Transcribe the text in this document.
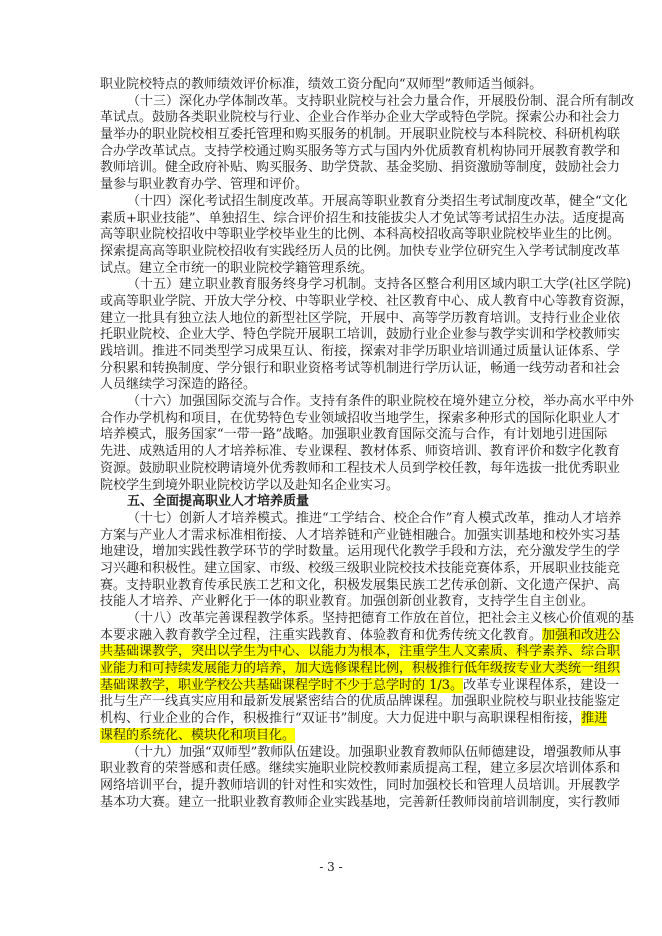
职业院校特点的教师绩效评价标准，绩效工资分配向“双师型”教师适当倾斜。
（十三）深化办学体制改革。支持职业院校与社会力量合作，开展股份制、混合所有制改
革试点。鼓励各类职业院校与行业、企业合作举办企业大学或特色学院。探索公办和社会力
量举办的职业院校相互委托管理和购买服务的机制。开展职业院校与本科院校、科研机构联
合办学改革试点。支持学校通过购买服务等方式与国内外优质教育机构协同开展教育教学和
教师培训。健全政府补贴、购买服务、助学贷款、基金奖励、捐资激励等制度，鼓励社会力
量参与职业教育办学、管理和评价。
（十四）深化考试招生制度改革。开展高等职业教育分类招生考试制度改革，健全“文化
素质+职业技能”、单独招生、综合评价招生和技能拔尖人才免试等考试招生办法。适度提高
高等职业院校招收中等职业学校毕业生的比例、本科高校招收高等职业院校毕业生的比例。
探索提高高等职业院校招收有实践经历人员的比例。加快专业学位研究生入学考试制度改革
试点。建立全市统一的职业院校学籍管理系统。
（十五）建立职业教育服务终身学习机制。支持各区整合利用区域内职工大学(社区学院)
或高等职业学院、开放大学分校、中等职业学校、社区教育中心、成人教育中心等教育资源，
建立一批具有独立法人地位的新型社区学院，开展中、高等学历教育培训。支持行业企业依
托职业院校、企业大学、特色学院开展职工培训，鼓励行业企业参与教学实训和学校教师实
践培训。推进不同类型学习成果互认、衔接，探索对非学历职业培训通过质量认证体系、学
分积累和转换制度、学分银行和职业资格考试等机制进行学历认证，畅通一线劳动者和社会
人员继续学习深造的路径。
（十六）加强国际交流与合作。支持有条件的职业院校在境外建立分校，举办高水平中外
合作办学机构和项目，在优势特色专业领域招收当地学生，探索多种形式的国际化职业人才
培养模式，服务国家“一带一路”战略。加强职业教育国际交流与合作，有计划地引进国际
先进、成熟适用的人才培养标准、专业课程、教材体系、师资培训、教育评价和数字化教育
资源。鼓励职业院校聘请境外优秀教师和工程技术人员到学校任教，每年选拔一批优秀职业
院校学生到境外职业院校访学以及赴知名企业实习。
五、全面提高职业人才培养质量
（十七）创新人才培养模式。推进“工学结合、校企合作”育人模式改革，推动人才培养
方案与产业人才需求标准相衔接、人才培养链和产业链相融合。加强实训基地和校外实习基
地建设，增加实践性教学环节的学时数量。运用现代化教学手段和方法，充分激发学生的学
习兴趣和积极性。建立国家、市级、校级三级职业院校技术技能竞赛体系，开展职业技能竞
赛。支持职业教育传承民族工艺和文化，积极发展集民族工艺传承创新、文化遗产保护、高
技能人才培养、产业孵化于一体的职业教育。加强创新创业教育，支持学生自主创业。
（十八）改革完善课程教学体系。坚持把德育工作放在首位，把社会主义核心价值观的基
本要求融入教育教学全过程，注重实践教育、体验教育和优秀传统文化教育。加强和改进公
共基础课教学，突出以学生为中心、以能力为根本，注重学生人文素质、科学素养、综合职
业能力和可持续发展能力的培养，加大选修课程比例，积极推行低年级按专业大类统一组织
基础课教学，职业学校公共基础课程学时不少于总学时的 1/3。改革专业课程体系，建设一
批与生产一线真实应用和最新发展紧密结合的优质品牌课程。加强职业院校与职业技能鉴定
机构、行业企业的合作，积极推行“双证书”制度。大力促进中职与高职课程相衔接，推进
课程的系统化、模块化和项目化。
（十九）加强“双师型”教师队伍建设。加强职业教育教师队伍师德建设，增强教师从事
职业教育的荣誉感和责任感。继续实施职业院校教师素质提高工程，建立多层次培训体系和
网络培训平台，提升教师培训的针对性和实效性，同时加强校长和管理人员培训。开展教学
基本功大赛。建立一批职业教育教师企业实践基地，完善新任教师岗前培训制度，实行教师
- 3 -
